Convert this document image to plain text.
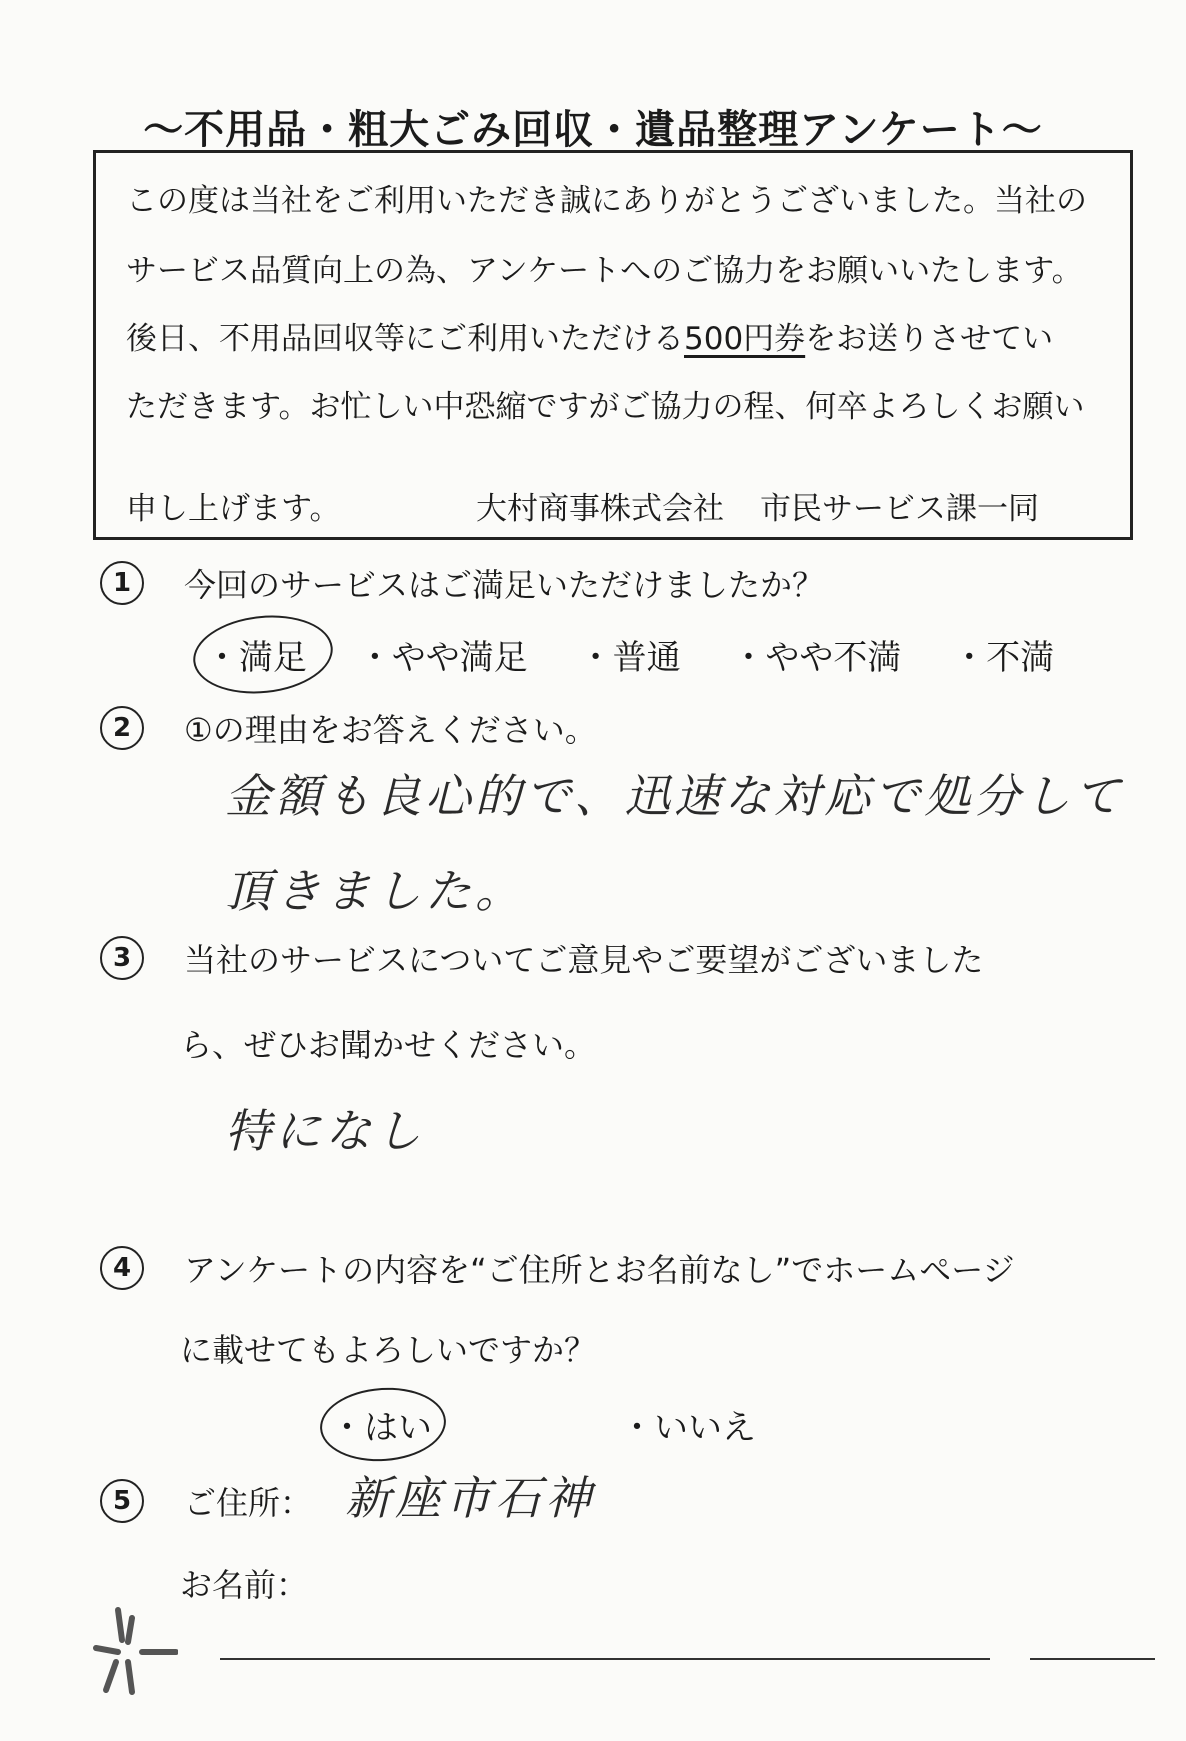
～不用品・粗大ごみ回収・遺品整理アンケート～
この度は当社をご利用いただき誠にありがとうございました。当社の
サービス品質向上の為、アンケートへのご協力をお願いいたします。
後日、不用品回収等にご利用いただける500円券をお送りさせてい
ただきます。お忙しい中恐縮ですがご協力の程、何卒よろしくお願い
申し上げます。	大村商事株式会社 市民サービス課一同
1 今回のサービスはご満足いただけましたか？
・満足 ・やや満足 ・普通 ・やや不満 ・不満
2 ①の理由をお答えください。
金額も良心的で、迅速な対応で処分して
頂きました。
3 当社のサービスについてご意見やご要望がございました
ら、ぜひお聞かせください。
特になし
4 アンケートの内容を“ご住所とお名前なし”でホームページ
に載せてもよろしいですか？
・はい	・いいえ
5 ご住所： 新座市石神
お名前：
